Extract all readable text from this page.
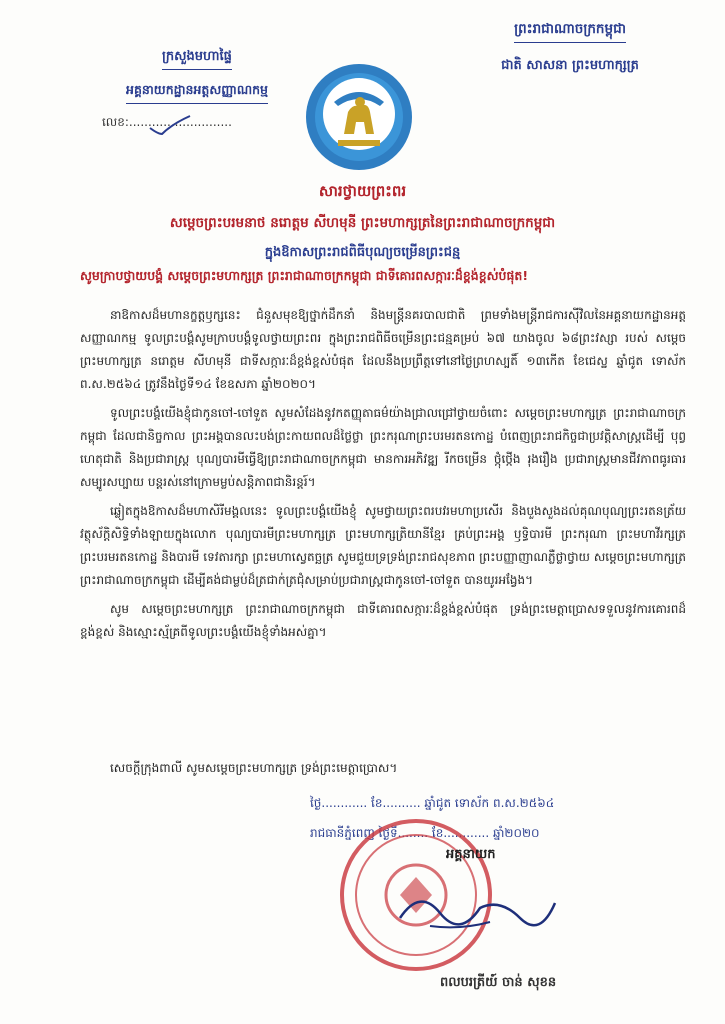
ក្រសួងមហាផ្ទៃ
អគ្គនាយកដ្ឋានអត្តសញ្ញាណកម្ម
លេខ:...........................
ព្រះរាជាណាចក្រកម្ពុជា
ជាតិ សាសនា ព្រះមហាក្សត្រ
សារថ្វាយព្រះពរ
សម្តេចព្រះបរមនាថ នរោត្តម សីហមុនី ព្រះមហាក្សត្រនៃព្រះរាជាណាចក្រកម្ពុជា
ក្នុងឱកាសព្រះរាជពិធីបុណ្យចម្រើនព្រះជន្ម
សូមក្រាបថ្វាយបង្គំ សម្តេចព្រះមហាក្សត្រ ព្រះរាជាណាចក្រកម្ពុជា ជាទីគោរពសក្ការៈដ៏ខ្ពង់ខ្ពស់បំផុត!

នាឱកាសដ៏មហានក្ខត្តឫក្សនេះ ជំនួសមុខឱ្យថ្នាក់ដឹកនាំ និងមន្ត្រីនគរបាលជាតិ ព្រមទាំងមន្ត្រីរាជការស៊ីវិលនៃអគ្គនាយកដ្ឋានអត្តសញ្ញាណកម្ម ទូលព្រះបង្គំសូមក្រាបបង្គំទូលថ្វាយព្រះពរ ក្នុងព្រះរាជពិធីចម្រើនព្រះជន្មគម្រប់ ៦៧ យាងចូល ៦៨ព្រះវស្សា របស់ សម្តេចព្រះមហាក្សត្រ នរោត្តម សីហមុនី ជាទីសក្ការៈដ៏ខ្ពង់ខ្ពស់បំផុត ដែលនឹងប្រព្រឹត្តទៅនៅថ្ងៃព្រហស្បតិ៍ ១៣កើត ខែជេស្ឋ ឆ្នាំជូត ទោស័ក ព.ស.២៥៦៤ ត្រូវនឹងថ្ងៃទី១៤ ខែឧសភា ឆ្នាំ២០២០។

ទូលព្រះបង្គំយើងខ្ញុំជាកូនចៅ-ចៅទួត សូមសំដែងនូវកតញ្ញុតាធម៌យ៉ាងជ្រាលជ្រៅថ្វាយចំពោះ សម្តេចព្រះមហាក្សត្រ ព្រះរាជាណាចក្រកម្ពុជា ដែលជានិច្ចកាល ព្រះអង្គបានលះបង់ព្រះកាយពលដ៏ថ្លៃថ្លា ព្រះករុណាព្រះបរមរតនកោដ្ឋ បំពេញព្រះរាជកិច្ចជាប្រវត្តិសាស្ត្រដើម្បី បុព្វហេតុជាតិ និងប្រជារាស្ត្រ បុណ្យបារមីធ្វើឱ្យព្រះរាជាណាចក្រកម្ពុជា មានការអភិវឌ្ឍ រីកចម្រើន ថ្កុំថ្កើង រុងរឿង ប្រជារាស្ត្រមានជីវភាពធូរធារ សម្បូរសប្បាយ បន្តរស់នៅក្រោមម្លប់សន្តិភាពជានិរន្តរ៍។

ឆ្លៀតក្នុងឱកាសដ៏មហាសិរីមង្គលនេះ ទូលព្រះបង្គំយើងខ្ញុំ សូមថ្វាយព្រះពរបវរមហាប្រសើរ និងបួងសួងដល់គុណបុណ្យព្រះរតនត្រ័យ វត្ថុស័ក្តិសិទ្ធិទាំងឡាយក្នុងលោក បុណ្យបារមីព្រះមហាក្សត្រ ព្រះមហាក្សត្រិយានីខ្មែរ គ្រប់ព្រះអង្គ ឫទ្ធិបារមី ព្រះករុណា ព្រះមហាវីរក្សត្រ ព្រះបរមរតនកោដ្ឋ និងបារមី ទេវតារក្សា ព្រះមហាស្វេតច្ឆត្រ សូមជួយទ្រទ្រង់ព្រះរាជសុខភាព ព្រះបញ្ញាញាណភ្លឺថ្លាថ្វាយ សម្តេចព្រះមហាក្សត្រ ព្រះរាជាណាចក្រកម្ពុជា ដើម្បីគង់ជាម្លប់ដ៏ត្រជាក់ត្រជុំសម្រាប់ប្រជារាស្ត្រជាកូនចៅ-ចៅទួត បានយូរអង្វែង។

សូម សម្តេចព្រះមហាក្សត្រ ព្រះរាជាណាចក្រកម្ពុជា ជាទីគោរពសក្ការៈដ៏ខ្ពង់ខ្ពស់បំផុត ទ្រង់ព្រះមេត្តាប្រោសទទួលនូវការគោរពដ៏ខ្ពង់ខ្ពស់ និងស្មោះស្ម័គ្រពីទូលព្រះបង្គំយើងខ្ញុំទាំងអស់គ្នា។

សេចក្តីក្រុងពាលី សូមសម្តេចព្រះមហាក្សត្រ ទ្រង់ព្រះមេត្តាប្រោស។
ថ្ងៃ............ ខែ.......... ឆ្នាំជូត ទោស័ក ព.ស.២៥៦៤
រាជធានីភ្នំពេញ ថ្ងៃទី........ ខែ............ ឆ្នាំ២០២០
អគ្គនាយក
ពលបរត្រីយ៍ ចាន់ សុខន
